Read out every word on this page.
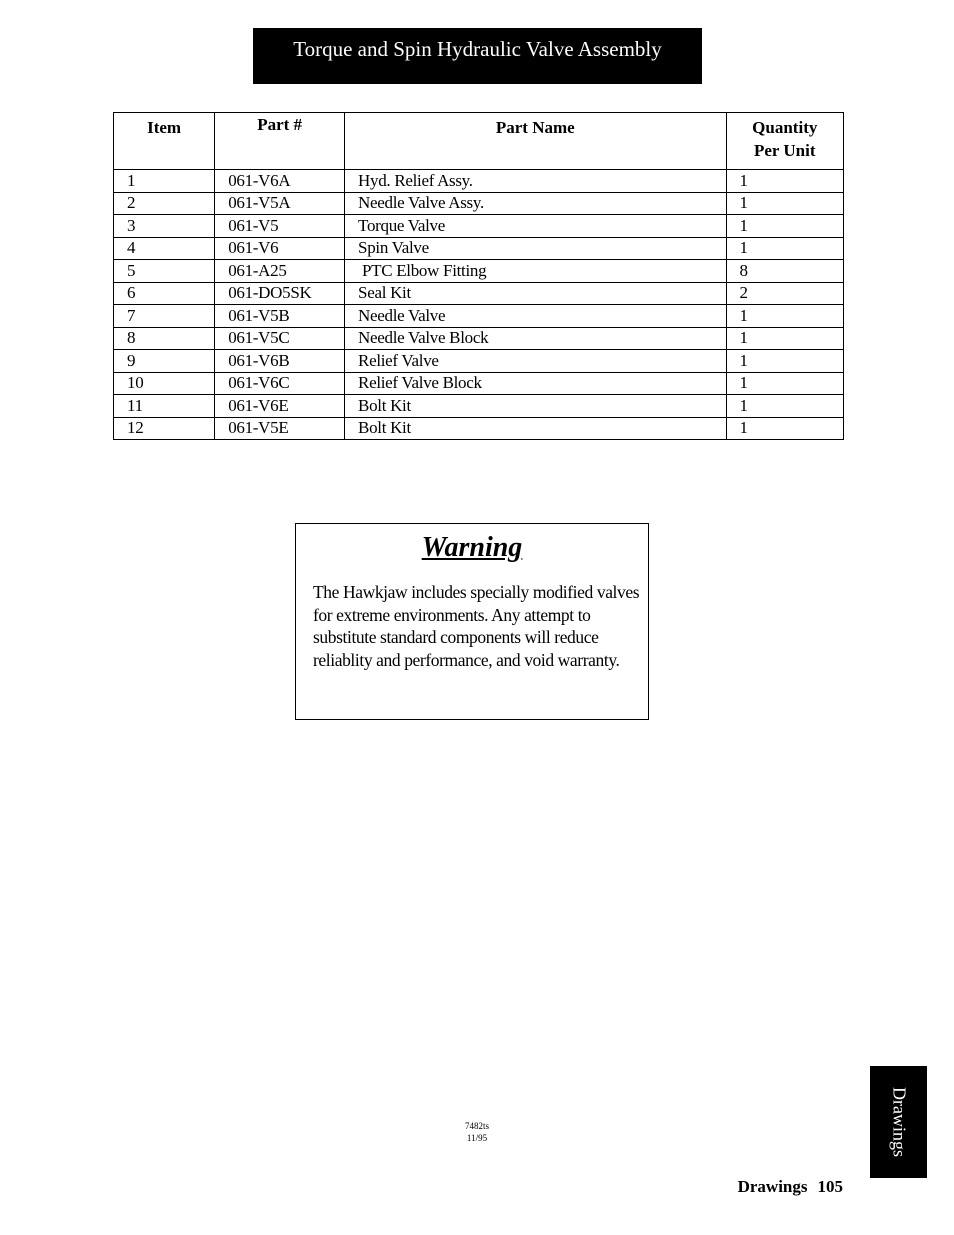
Torque and Spin Hydraulic Valve Assembly
Item	Part #	Part Name	Quantity
Per Unit
1	061-V6A	Hyd. Relief Assy.	1
2	061-V5A	Needle Valve Assy.	1
3	061-V5	Torque Valve	1
4	061-V6	Spin Valve	1
5	061-A25	PTC Elbow Fitting	8
6	061-DO5SK	Seal Kit	2
7	061-V5B	Needle Valve	1
8	061-V5C	Needle Valve Block	1
9	061-V6B	Relief Valve	1
10	061-V6C	Relief Valve Block	1
11	061-V6E	Bolt Kit	1
12	061-V5E	Bolt Kit	1
Warning
The Hawkjaw includes specially modified valves for extreme environments. Any attempt to substitute standard components will reduce reliablity and performance, and void warranty.
7482ts
11/95	Drawings
Drawings 105
